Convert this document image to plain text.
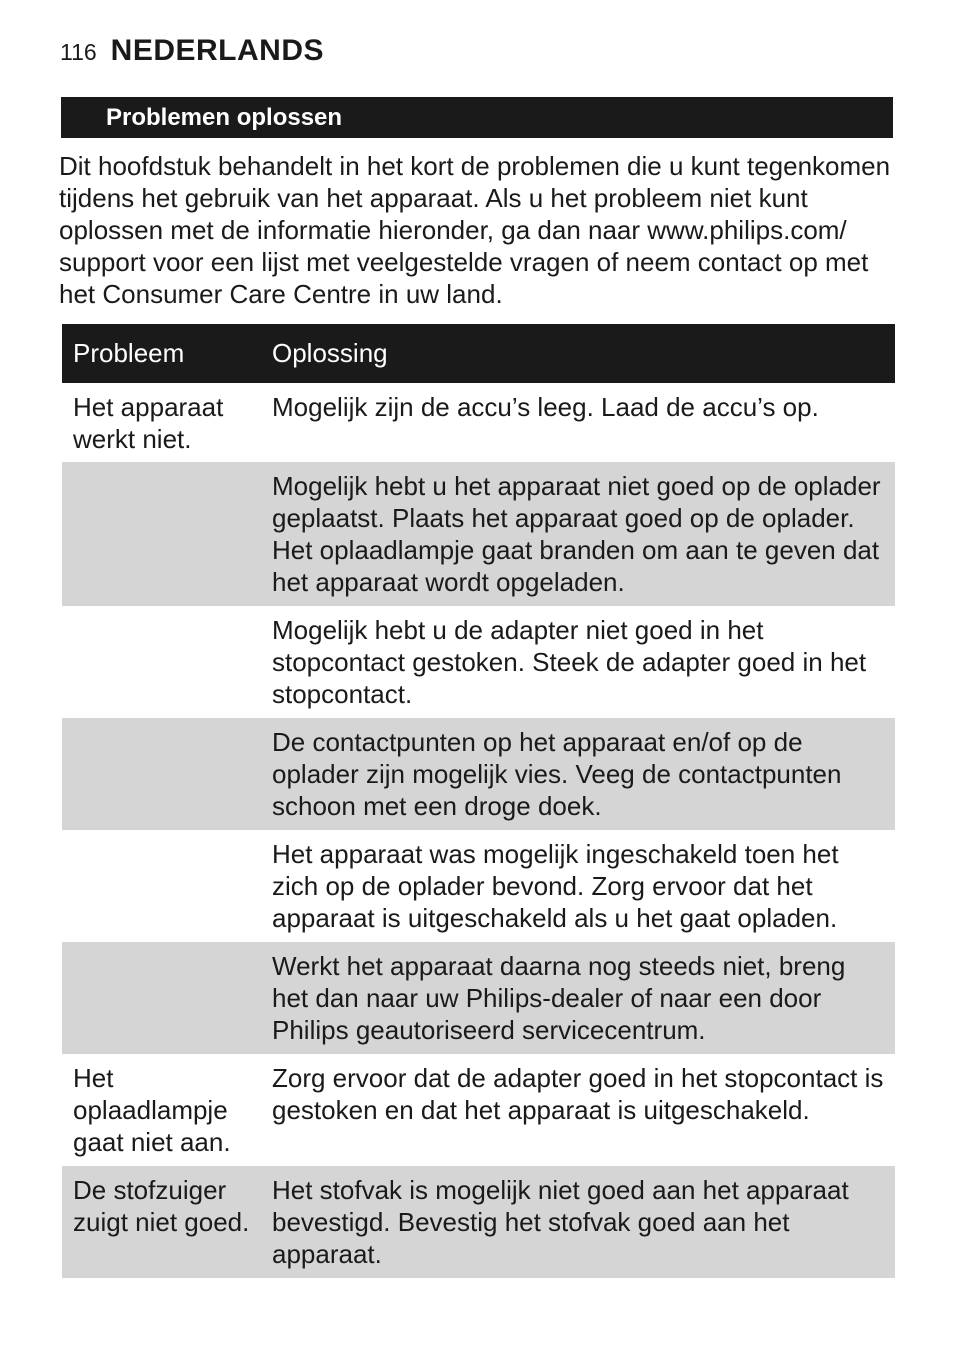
116 NEDERLANDS
Problemen oplossen

Dit hoofdstuk behandelt in het kort de problemen die u kunt tegenkomen tijdens het gebruik van het apparaat. Als u het probleem niet kunt oplossen met de informatie hieronder, ga dan naar www.philips.com/ support voor een lijst met veelgestelde vragen of neem contact op met het Consumer Care Centre in uw land.

Probleem	Oplossing
Het apparaat werkt niet.
Mogelijk zijn de accu’s leeg. Laad de accu’s op.
Mogelijk hebt u het apparaat niet goed op de oplader geplaatst. Plaats het apparaat goed op de oplader. Het oplaadlampje gaat branden om aan te geven dat het apparaat wordt opgeladen.
Mogelijk hebt u de adapter niet goed in het stopcontact gestoken. Steek de adapter goed in het stopcontact.
De contactpunten op het apparaat en/of op de oplader zijn mogelijk vies. Veeg de contactpunten schoon met een droge doek.
Het apparaat was mogelijk ingeschakeld toen het zich op de oplader bevond. Zorg ervoor dat het apparaat is uitgeschakeld als u het gaat opladen.
Werkt het apparaat daarna nog steeds niet, breng het dan naar uw Philips-dealer of naar een door Philips geautoriseerd servicecentrum.
Het oplaadlampje gaat niet aan.
Zorg ervoor dat de adapter goed in het stopcontact is gestoken en dat het apparaat is uitgeschakeld.
De stofzuiger zuigt niet goed.
Het stofvak is mogelijk niet goed aan het apparaat bevestigd. Bevestig het stofvak goed aan het apparaat.
